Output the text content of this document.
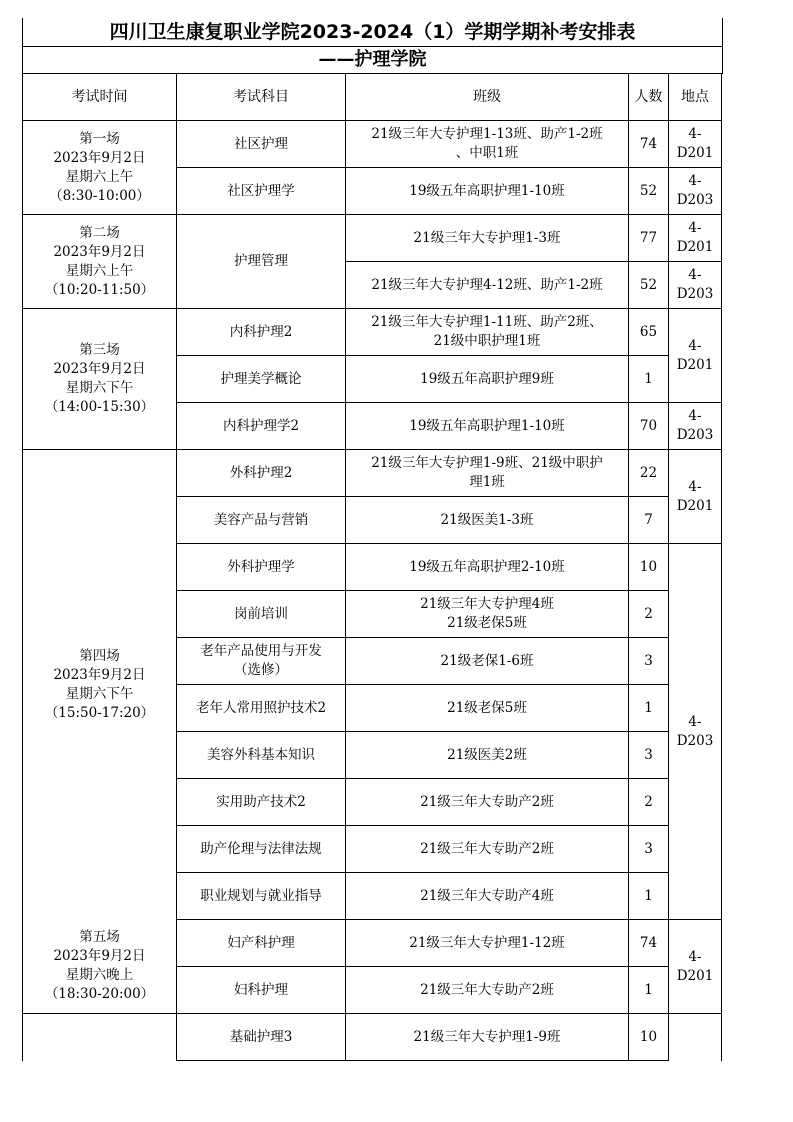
四川卫生康复职业学院2023-2024（1）学期学期补考安排表
——护理学院
考试时间	考试科目	班级	人数	地点

第一场
2023年9月2日
星期六上午
（8:30-10:00）	社区护理	21级三年大专护理1-13班、助产1-2班
、中职1班	74	4-D201
	社区护理学	19级五年高职护理1-10班	52	4-D203

第二场
2023年9月2日
星期六上午
（10:20-11:50）	护理管理	21级三年大专护理1-3班	77	4-D201
		21级三年大专护理4-12班、助产1-2班	52	4-D203

第三场
2023年9月2日
星期六下午
（14:00-15:30）	内科护理2	21级三年大专护理1-11班、助产2班、
21级中职护理1班	65	4-D201
	护理美学概论	19级五年高职护理9班	1	
	内科护理学2	19级五年高职护理1-10班	70	4-D203

第四场
2023年9月2日
星期六下午
（15:50-17:20）	外科护理2	21级三年大专护理1-9班、21级中职护
理1班	22	4-D201
	美容产品与营销	21级医美1-3班	7	
	外科护理学	19级五年高职护理2-10班	10	4-D203
	岗前培训	21级三年大专护理4班
21级老保5班	2	

	老年产品使用与开发
（选修）	21级老保1-6班	3	
	老年人常用照护技术2	21级老保5班	1	
	美容外科基本知识	21级医美2班	3	
	实用助产技术2	21级三年大专助产2班	2	
	助产伦理与法律法规	21级三年大专助产2班	3	
	职业规划与就业指导	21级三年大专助产4班	1	

第五场
2023年9月2日
星期六晚上
（18:30-20:00）	妇产科护理	21级三年大专护理1-12班	74	4-D201
	妇科护理	21级三年大专助产2班	1	
	基础护理3	21级三年大专护理1-9班	10	
